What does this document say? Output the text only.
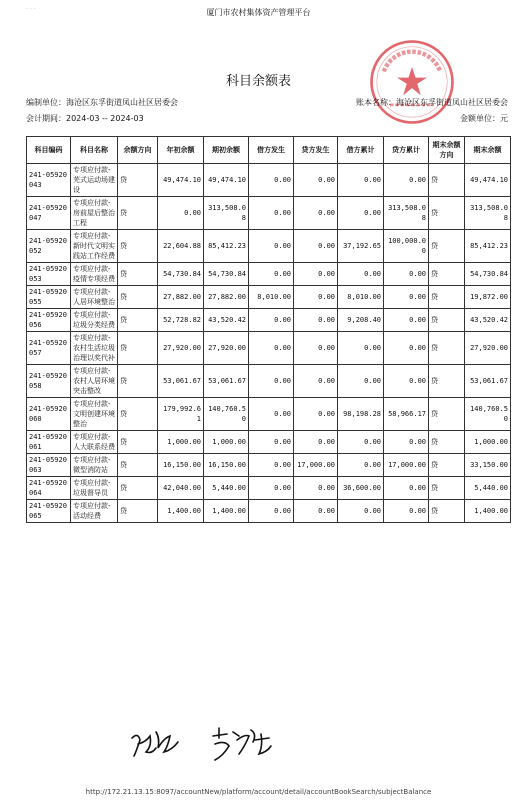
· · ·	厦门市农村集体资产管理平台
科目余额表
编制单位：海沧区东孚街道凤山社区居委会	账本名称：海沧区东孚街道凤山社区居委会
会计期间：2024-03 -- 2024-03	金额单位：元
科目编码	科目名称	余额方向	年初余额	期初余额	借方发生	贷方发生	借方累计	贷方累计	期末余额方向	期末余额
241-05920043	专项应付款-芜式运动场建设	贷	49,474.10	49,474.10	0.00	0.00	0.00	0.00	贷	49,474.10
241-05920047	专项应付款-房前屋后整治工程	贷	0.00	313,508.08	0.00	0.00	0.00	313,508.08	贷	313,508.08
241-05920052	专项应付款-新时代文明实践站工作经费	贷	22,604.88	85,412.23	0.00	0.00	37,192.65	100,000.00	贷	85,412.23
241-05920053	专项应付款-疫情专项经费	贷	54,730.84	54,730.84	0.00	0.00	0.00	0.00	贷	54,730.84
241-05920055	专项应付款-人居环境整治	贷	27,882.00	27,882.00	8,010.00	0.00	8,010.00	0.00	贷	19,872.00
241-05920056	专项应付款-垃圾分类经费	贷	52,728.82	43,520.42	0.00	0.00	9,208.40	0.00	贷	43,520.42
241-05920057	专项应付款-农村生活垃圾治理以奖代补	贷	27,920.00	27,920.00	0.00	0.00	0.00	0.00	贷	27,920.00
241-05920058	专项应付款-农村人居环境突击整改	贷	53,061.67	53,061.67	0.00	0.00	0.00	0.00	贷	53,061.67
241-05920060	专项应付款-文明创建环境整治	贷	179,992.61	140,760.50	0.00	0.00	98,198.28	58,966.17	贷	140,760.50
241-05920061	专项应付款-人大联系经费	贷	1,000.00	1,000.00	0.00	0.00	0.00	0.00	贷	1,000.00
241-05920063	专项应付款-微型消防站	贷	16,150.00	16,150.00	0.00	17,000.00	0.00	17,000.00	贷	33,150.00
241-05920064	专项应付款-垃圾督导员	贷	42,040.00	5,440.00	0.00	0.00	36,600.00	0.00	贷	5,440.00
241-05920065	专项应付款-活动经费	贷	1,400.00	1,400.00	0.00	0.00	0.00	0.00	贷	1,400.00
http://172.21.13.15:8097/accountNew/platform/account/detail/accountBookSearch/subjectBalance
